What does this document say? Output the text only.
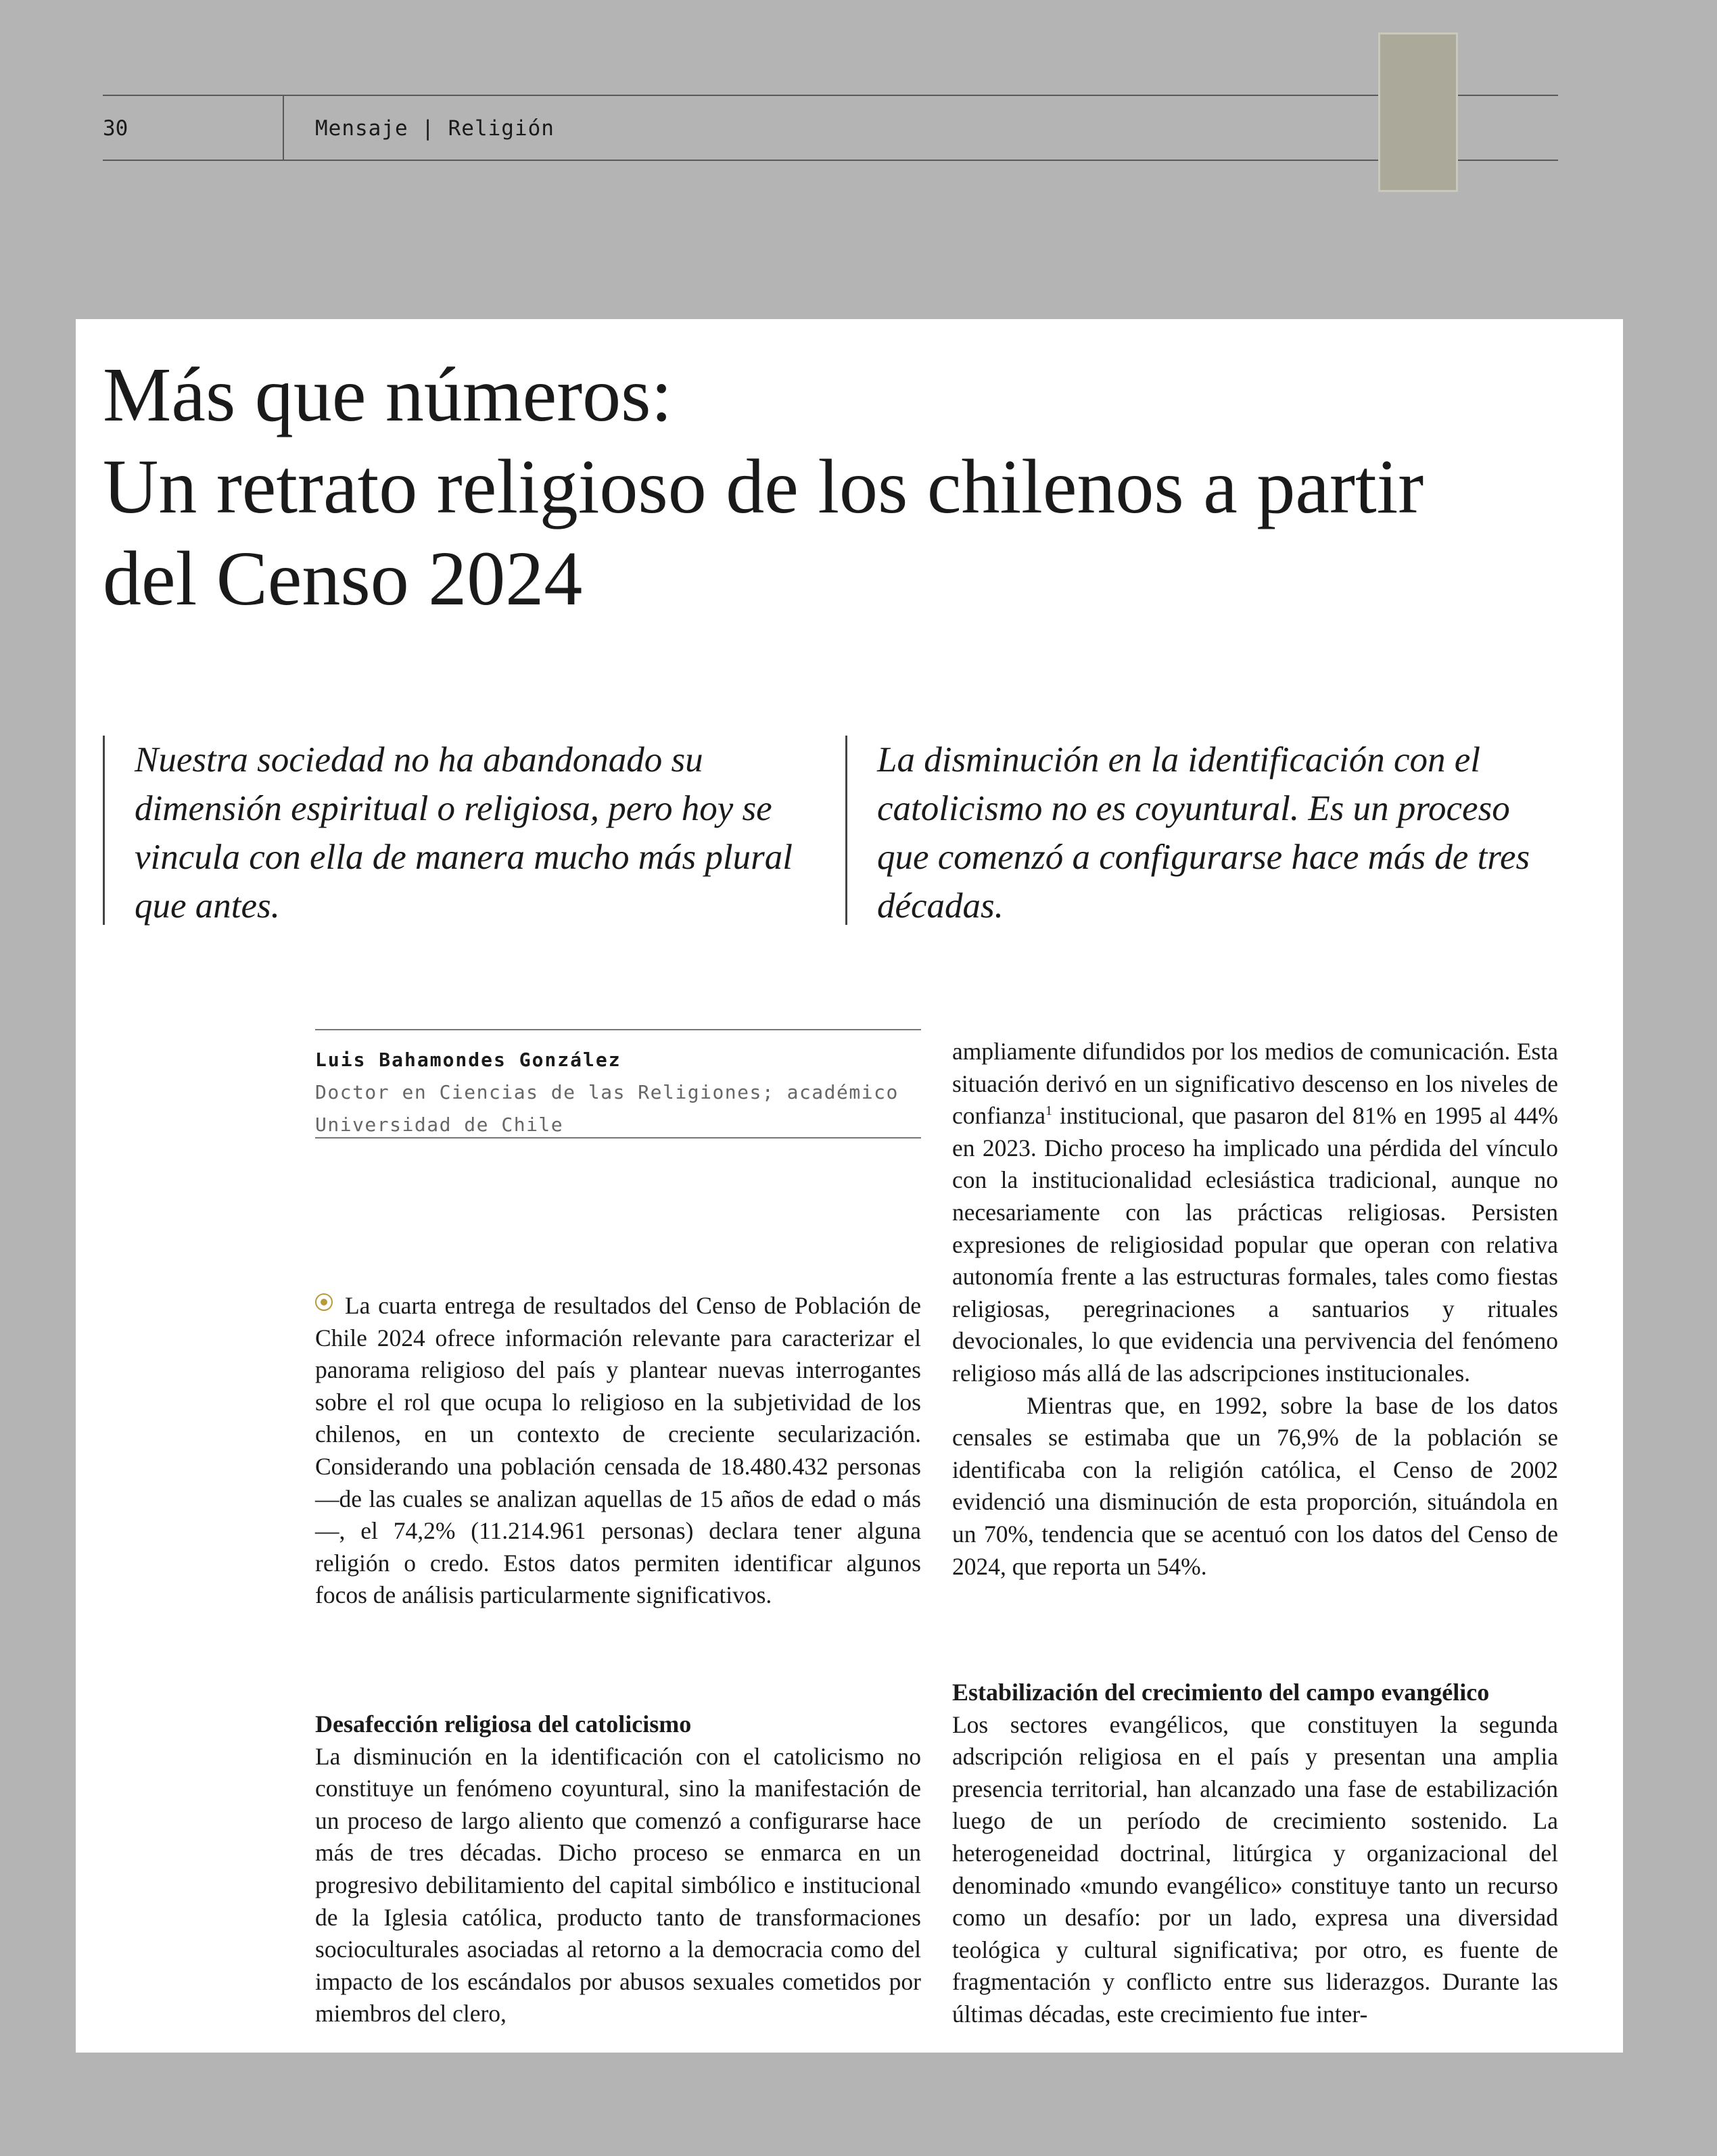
30	Mensaje | Religión
Más que números:
Un retrato religioso de los chilenos a partir
del Censo 2024
Nuestra sociedad no ha abandonado su dimensión espiritual o religiosa, pero hoy se vincula con ella de manera mucho más plural que antes.
La disminución en la identificación con el catolicismo no es coyuntural. Es un proceso que comenzó a configurarse hace más de tres décadas.
Luis Bahamondes González
Doctor en Ciencias de las Religiones; académico
Universidad de Chile

La cuarta entrega de resultados del Censo de Población de Chile 2024 ofrece información relevante para caracterizar el panorama religioso del país y plantear nuevas interrogantes sobre el rol que ocupa lo religioso en la subjetividad de los chilenos, en un contexto de creciente secularización. Considerando una población censada de 18.480.432 personas —de las cuales se analizan aquellas de 15 años de edad o más—, el 74,2% (11.214.961 personas) declara tener alguna religión o credo. Estos datos permiten identificar algunos focos de análisis particularmente significativos.

Desafección religiosa del catolicismo

La disminución en la identificación con el catolicismo no constituye un fenómeno coyuntural, sino la manifestación de un proceso de largo aliento que comenzó a configurarse hace más de tres décadas. Dicho proceso se enmarca en un progresivo debilitamiento del capital simbólico e institucional de la Iglesia católica, producto tanto de transformaciones socioculturales asociadas al retorno a la democracia como del impacto de los escándalos por abusos sexuales cometidos por miembros del clero,

ampliamente difundidos por los medios de comunicación. Esta situación derivó en un significativo descenso en los niveles de confianza$^1$ institucional, que pasaron del 81% en 1995 al 44% en 2023. Dicho proceso ha implicado una pérdida del vínculo con la institucionalidad eclesiástica tradicional, aunque no necesariamente con las prácticas religiosas. Persisten expresiones de religiosidad popular que operan con relativa autonomía frente a las estructuras formales, tales como fiestas religiosas, peregrinaciones a santuarios y rituales devocionales, lo que evidencia una pervivencia del fenómeno religioso más allá de las adscripciones institucionales.

Mientras que, en 1992, sobre la base de los datos censales se estimaba que un 76,9% de la población se identificaba con la religión católica, el Censo de 2002 evidenció una disminución de esta proporción, situándola en un 70%, tendencia que se acentuó con los datos del Censo de 2024, que reporta un 54%.

Estabilización del crecimiento del campo evangélico

Los sectores evangélicos, que constituyen la segunda adscripción religiosa en el país y presentan una amplia presencia territorial, han alcanzado una fase de estabilización luego de un período de crecimiento sostenido. La heterogeneidad doctrinal, litúrgica y organizacional del denominado «mundo evangélico» constituye tanto un recurso como un desafío: por un lado, expresa una diversidad teológica y cultural significativa; por otro, es fuente de fragmentación y conflicto entre sus liderazgos. Durante las últimas décadas, este crecimiento fue inter-
